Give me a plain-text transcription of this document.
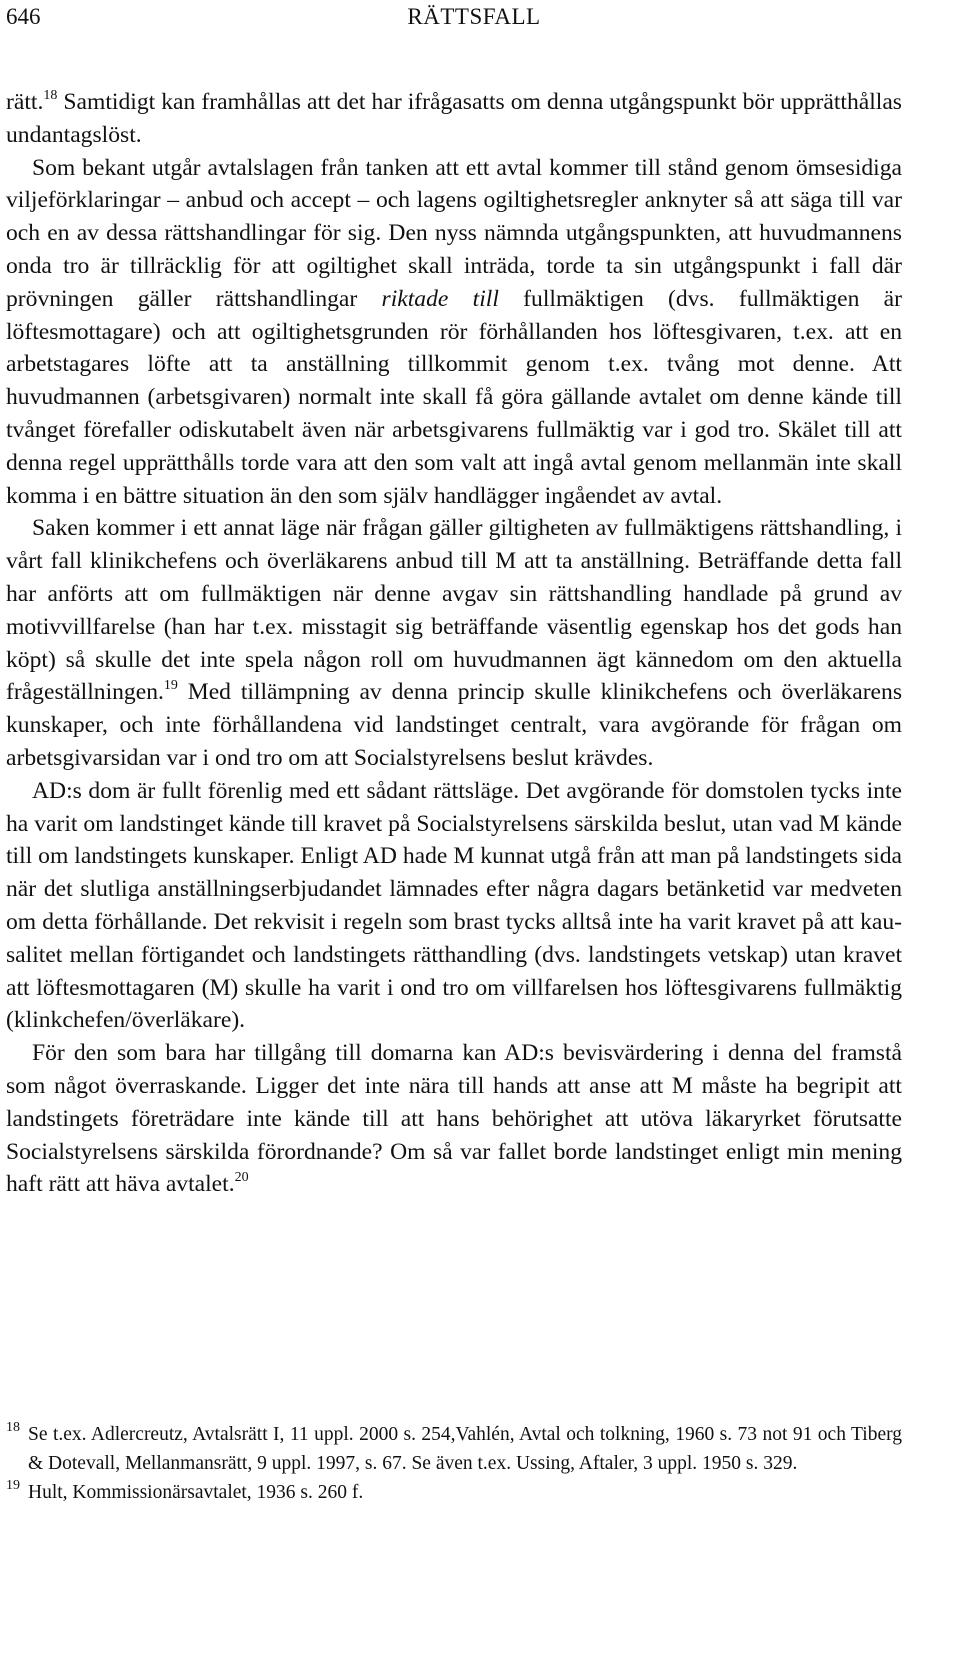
646	RÄTTSFALL

rätt.$^{18}$ Samtidigt kan framhållas att det har ifrågasatts om denna utgångspunkt bör upprätthållas undantagslöst.

Som bekant utgår avtalslagen från tanken att ett avtal kommer till stånd genom ömsesidiga viljeförklaringar – anbud och accept – och lagens ogiltighetsregler anknyter så att säga till var och en av dessa rättshandlingar för sig. Den nyss nämnda utgångspunkten, att huvudmannens onda tro är tillräcklig för att ogiltighet skall inträda, torde ta sin utgångspunkt i fall där prövningen gäller rättshandlingar riktade till fullmäktigen (dvs. fullmäktigen är löftesmottagare) och att ogiltighetsgrunden rör förhållanden hos löftesgivaren, t.ex. att en arbetstagares löfte att ta anställning tillkommit genom t.ex. tvång mot denne. Att huvudmannen (arbetsgivaren) normalt inte skall få göra gällande avtalet om denne kände till tvånget förefaller odiskutabelt även när arbetsgivarens fullmäktig var i god tro. Skälet till att denna regel upprätthålls torde vara att den som valt att ingå avtal genom mellanmän inte skall komma i en bättre situation än den som själv handlägger ingåendet av avtal.

Saken kommer i ett annat läge när frågan gäller giltigheten av fullmäktigens rättshandling, i vårt fall klinikchefens och överläkarens anbud till M att ta anställning. Beträffande detta fall har anförts att om fullmäktigen när denne avgav sin rättshandling handlade på grund av motivvillfarelse (han har t.ex. misstagit sig beträffande väsentlig egenskap hos det gods han köpt) så skulle det inte spela någon roll om huvudmannen ägt kännedom om den aktuella frågeställningen.$^{19}$ Med tillämpning av denna princip skulle klinikchefens och överläkarens kunskaper, och inte förhållandena vid landstinget centralt, vara avgörande för frågan om arbetsgivarsidan var i ond tro om att Socialstyrelsens beslut krävdes.

AD:s dom är fullt förenlig med ett sådant rättsläge. Det avgörande för domstolen tycks inte ha varit om landstinget kände till kravet på Socialstyrelsens särskilda beslut, utan vad M kände till om landstingets kunskaper. Enligt AD hade M kunnat utgå från att man på landstingets sida när det slutliga anställningserbjudandet lämnades efter några dagars betänketid var medveten om detta förhållande. Det rekvisit i regeln som brast tycks alltså inte ha varit kravet på att kausalitet mellan förtigandet och landstingets rätthandling (dvs. landstingets vetskap) utan kravet att löftesmottagaren (M) skulle ha varit i ond tro om villfarelsen hos löftesgivarens fullmäktig (klinkchefen/överläkare).

För den som bara har tillgång till domarna kan AD:s bevisvärdering i denna del framstå som något överraskande. Ligger det inte nära till hands att anse att M måste ha begripit att landstingets företrädare inte kände till att hans behörighet att utöva läkaryrket förutsatte Socialstyrelsens särskilda förordnande? Om så var fallet borde landstinget enligt min mening haft rätt att häva avtalet.$^{20}$

18 Se t.ex. Adlercreutz, Avtalsrätt I, 11 uppl. 2000 s. 254,Vahlén, Avtal och tolkning, 1960 s. 73 not 91 och Tiberg & Dotevall, Mellanmansrätt, 9 uppl. 1997, s. 67. Se även t.ex. Ussing, Aftaler, 3 uppl. 1950 s. 329.
19 Hult, Kommissionärsavtalet, 1936 s. 260 f.
